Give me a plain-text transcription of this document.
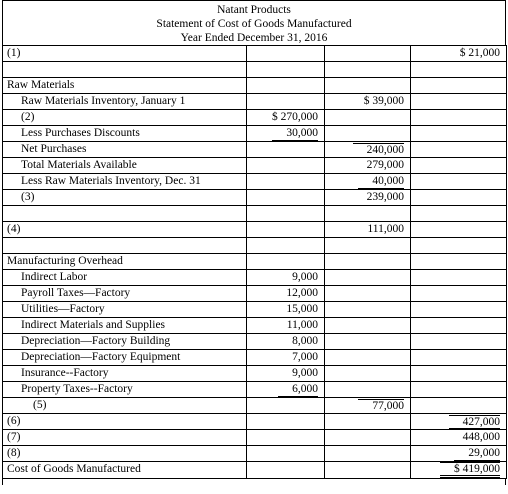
Natant Products
Statement of Cost of Goods Manufactured
Year Ended December 31, 2016
(1)			$ 21,000

Raw Materials			
Raw Materials Inventory, January 1		$ 39,000	
(2)	$ 270,000		
Less Purchases Discounts	30,000		
Net Purchases		240,000	
Total Materials Available		279,000	
Less Raw Materials Inventory, Dec. 31		40,000	
(3)		239,000	

(4)		111,000	

Manufacturing Overhead			
Indirect Labor	9,000		
Payroll Taxes—Factory	12,000		
Utilities—Factory	15,000		
Indirect Materials and Supplies	11,000		
Depreciation—Factory Building	8,000		
Depreciation—Factory Equipment	7,000		
Insurance--Factory	9,000		
Property Taxes--Factory	6,000		
(5)		77,000	
(6)			427,000
(7)			448,000
(8)			29,000
Cost of Goods Manufactured			$ 419,000
